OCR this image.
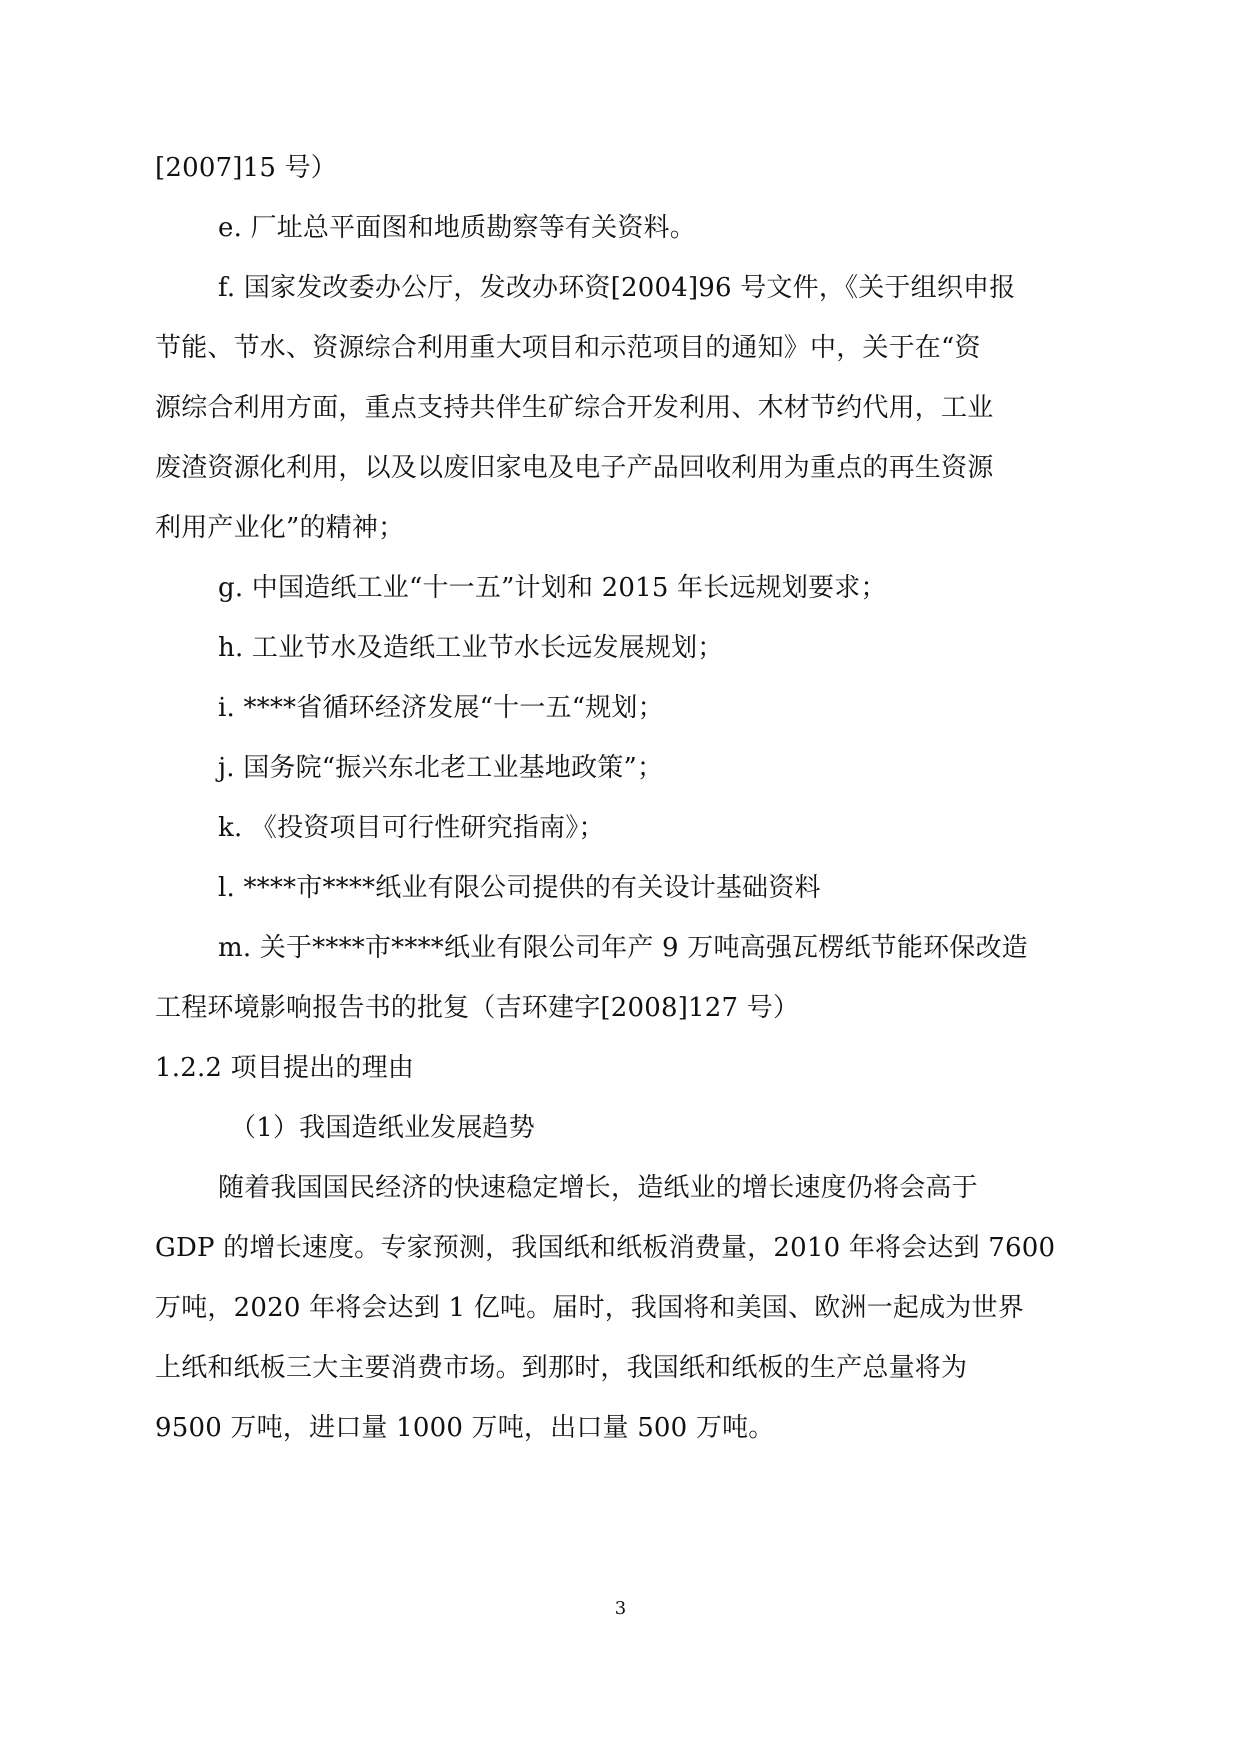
[2007]15 号）
e. 厂址总平面图和地质勘察等有关资料。
f. 国家发改委办公厅，发改办环资[2004]96 号文件，《关于组织申报
节能、节水、资源综合利用重大项目和示范项目的通知》中，关于在“资
源综合利用方面，重点支持共伴生矿综合开发利用、木材节约代用，工业
废渣资源化利用，以及以废旧家电及电子产品回收利用为重点的再生资源
利用产业化”的精神；
g. 中国造纸工业“十一五”计划和 2015 年长远规划要求；
h. 工业节水及造纸工业节水长远发展规划；
i. ****省循环经济发展“十一五“规划；
j. 国务院“振兴东北老工业基地政策”；
k. 《投资项目可行性研究指南》；
l. ****市****纸业有限公司提供的有关设计基础资料
m. 关于****市****纸业有限公司年产 9 万吨高强瓦楞纸节能环保改造
工程环境影响报告书的批复（吉环建字[2008]127 号）
1.2.2 项目提出的理由
（1）我国造纸业发展趋势
随着我国国民经济的快速稳定增长，造纸业的增长速度仍将会高于
GDP 的增长速度。专家预测，我国纸和纸板消费量，2010 年将会达到 7600
万吨，2020 年将会达到 1 亿吨。届时，我国将和美国、欧洲一起成为世界
上纸和纸板三大主要消费市场。到那时，我国纸和纸板的生产总量将为
9500 万吨，进口量 1000 万吨，出口量 500 万吨。
3
